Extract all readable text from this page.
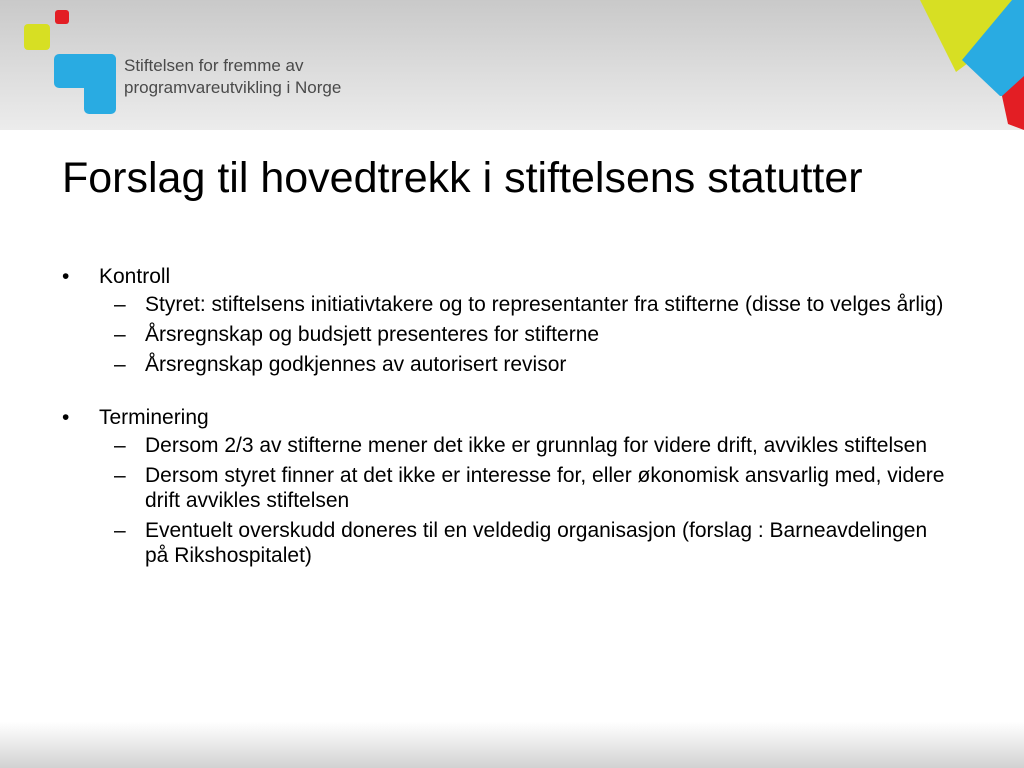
Stiftelsen for fremme av
programvareutvikling i Norge
Forslag til hovedtrekk i stiftelsens statutter
• Kontroll
– Styret: stiftelsens initiativtakere og to representanter fra stifterne (disse to velges årlig)
– Årsregnskap og budsjett presenteres for stifterne
– Årsregnskap godkjennes av autorisert revisor
• Terminering
– Dersom 2/3 av stifterne mener det ikke er grunnlag for videre drift, avvikles stiftelsen
– Dersom styret finner at det ikke er interesse for, eller økonomisk ansvarlig med, videre drift avvikles stiftelsen
– Eventuelt overskudd doneres til en veldedig organisasjon (forslag : Barneavdelingen på Rikshospitalet)
